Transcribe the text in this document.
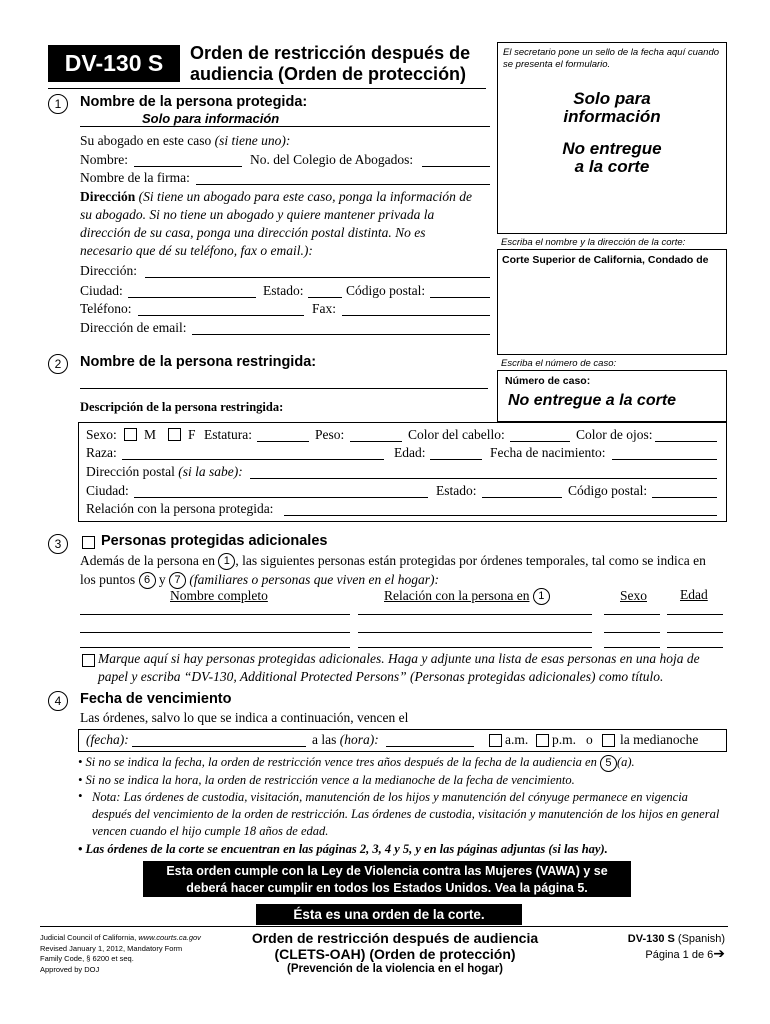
DV-130 S	Orden de restricción después de
audiencia (Orden de protección)
El secretario pone un sello de la fecha aquí cuando se presenta el formulario.
Solo para información
No entregue a la corte
Escriba el nombre y la dirección de la corte:
Corte Superior de California, Condado de
Escriba el número de caso:
Número de caso:
No entregue a la corte
1	Nombre de la persona protegida:
Solo para información
Su abogado en este caso (si tiene uno):
Nombre:	No. del Colegio de Abogados:
Nombre de la firma:
Dirección (Si tiene un abogado para este caso, ponga la información de su abogado. Si no tiene un abogado y quiere mantener privada la dirección de su casa, ponga una dirección postal distinta. No es necesario que dé su teléfono, fax o email.):
Dirección:
Ciudad:	Estado:	Código postal:
Teléfono:	Fax:
Dirección de email:
2	Nombre de la persona restringida:
Descripción de la persona restringida:
Sexo: M F Estatura:	Peso:	Color del cabello:	Color de ojos:
Raza:	Edad:	Fecha de nacimiento:
Dirección postal (si la sabe):
Ciudad:	Estado:	Código postal:
Relación con la persona protegida:
3	Personas protegidas adicionales
Además de la persona en 1 , las siguientes personas están protegidas por órdenes temporales, tal como se indica en
los puntos 6 y 7 (familiares o personas que viven en el hogar):
Nombre completo	Relación con la persona en 1	Sexo Edad
Marque aquí si hay personas protegidas adicionales. Haga y adjunte una lista de esas personas en una hoja de papel y escriba “DV-130, Additional Protected Persons” (Personas protegidas adicionales) como título.
4	Fecha de vencimiento
Las órdenes, salvo lo que se indica a continuación, vencen el
(fecha):	a las (hora):	a.m. p.m. o la medianoche
• Si no se indica la fecha, la orden de restricción vence tres años después de la fecha de la audiencia en 5 (a).
• Si no se indica la hora, la orden de restricción vence a la medianoche de la fecha de vencimiento.
• Nota: Las órdenes de custodia, visitación, manutención de los hijos y manutención del cónyuge permanece en vigencia después del vencimiento de la orden de restricción. Las órdenes de custodia, visitación y manutención de los hijos en general vencen cuando el hijo cumple 18 años de edad.
• Las órdenes de la corte se encuentran en las páginas 2, 3, 4 y 5, y en las páginas adjuntas (si las hay).
Esta orden cumple con la Ley de Violencia contra las Mujeres (VAWA) y se
deberá hacer cumplir en todos los Estados Unidos. Vea la página 5.
Ésta es una orden de la corte.
Judicial Council of California, www.courts.ca.gov
Revised January 1, 2012, Mandatory Form
Family Code, § 6200 et seq.
Approved by DOJ
Orden de restricción después de audiencia
(CLETS-OAH) (Orden de protección)
(Prevención de la violencia en el hogar)
DV-130 S (Spanish)
Página 1 de 6➔
